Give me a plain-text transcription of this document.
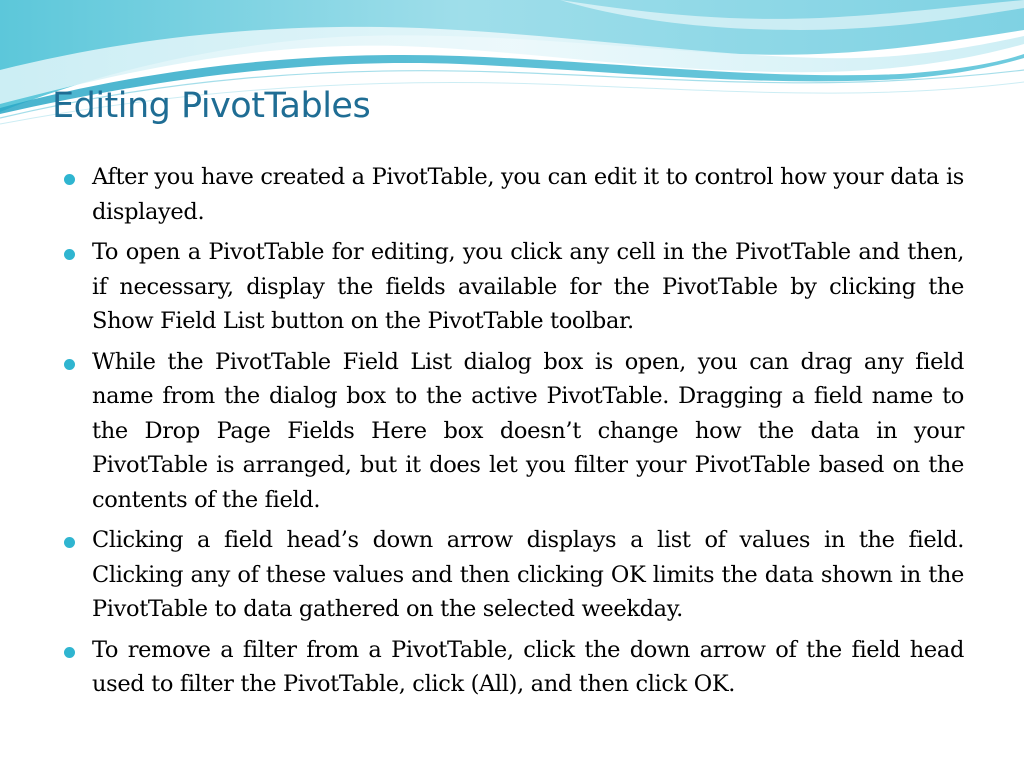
Editing PivotTables
After you have created a PivotTable, you can edit it to control how your data is displayed.
To open a PivotTable for editing, you click any cell in the PivotTable and then, if necessary, display the fields available for the PivotTable by clicking the Show Field List button on the PivotTable toolbar.
While the PivotTable Field List dialog box is open, you can drag any field name from the dialog box to the active PivotTable. Dragging a field name to the Drop Page Fields Here box doesn’t change how the data in your PivotTable is arranged, but it does let you filter your PivotTable based on the contents of the field.
Clicking a field head’s down arrow displays a list of values in the field. Clicking any of these values and then clicking OK limits the data shown in the PivotTable to data gathered on the selected weekday.
To remove a filter from a PivotTable, click the down arrow of the field head used to filter the PivotTable, click (All), and then click OK.
